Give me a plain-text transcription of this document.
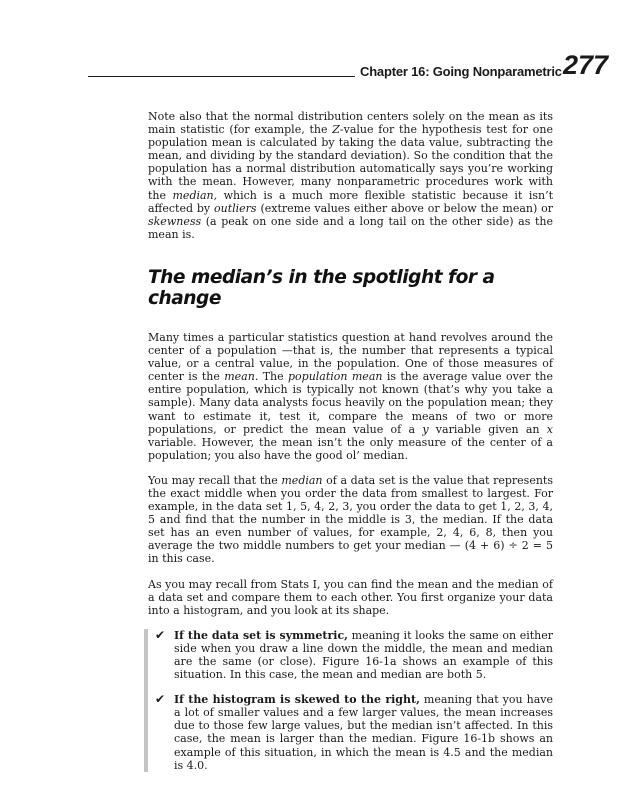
Chapter 16: Going Nonparametric 277

Note also that the normal distribution centers solely on the mean as its main statistic (for example, the Z-value for the hypothesis test for one population mean is calculated by taking the data value, subtracting the mean, and dividing by the standard deviation). So the condition that the population has a normal distribution automatically says you’re working with the mean. However, many nonparametric procedures work with the median, which is a much more flexible statistic because it isn’t affected by outliers (extreme values either above or below the mean) or skewness (a peak on one side and a long tail on the other side) as the mean is.

The median’s in the spotlight for a change

Many times a particular statistics question at hand revolves around the center of a population —that is, the number that represents a typical value, or a central value, in the population. One of those measures of center is the mean. The population mean is the average value over the entire population, which is typically not known (that’s why you take a sample). Many data analysts focus heavily on the population mean; they want to estimate it, test it, compare the means of two or more populations, or predict the mean value of a y variable given an x variable. However, the mean isn’t the only measure of the center of a population; you also have the good ol’ median.

You may recall that the median of a data set is the value that represents the exact middle when you order the data from smallest to largest. For example, in the data set 1, 5, 4, 2, 3, you order the data to get 1, 2, 3, 4, 5 and find that the number in the middle is 3, the median. If the data set has an even number of values, for example, 2, 4, 6, 8, then you average the two middle numbers to get your median — (4 + 6) ÷ 2 = 5 in this case.

As you may recall from Stats I, you can find the mean and the median of a data set and compare them to each other. You first organize your data into a histogram, and you look at its shape.

✔ If the data set is symmetric, meaning it looks the same on either side when you draw a line down the middle, the mean and median are the same (or close). Figure 16-1a shows an example of this situation. In this case, the mean and median are both 5.
✔ If the histogram is skewed to the right, meaning that you have a lot of smaller values and a few larger values, the mean increases due to those few large values, but the median isn’t affected. In this case, the mean is larger than the median. Figure 16-1b shows an example of this situation, in which the mean is 4.5 and the median is 4.0.
